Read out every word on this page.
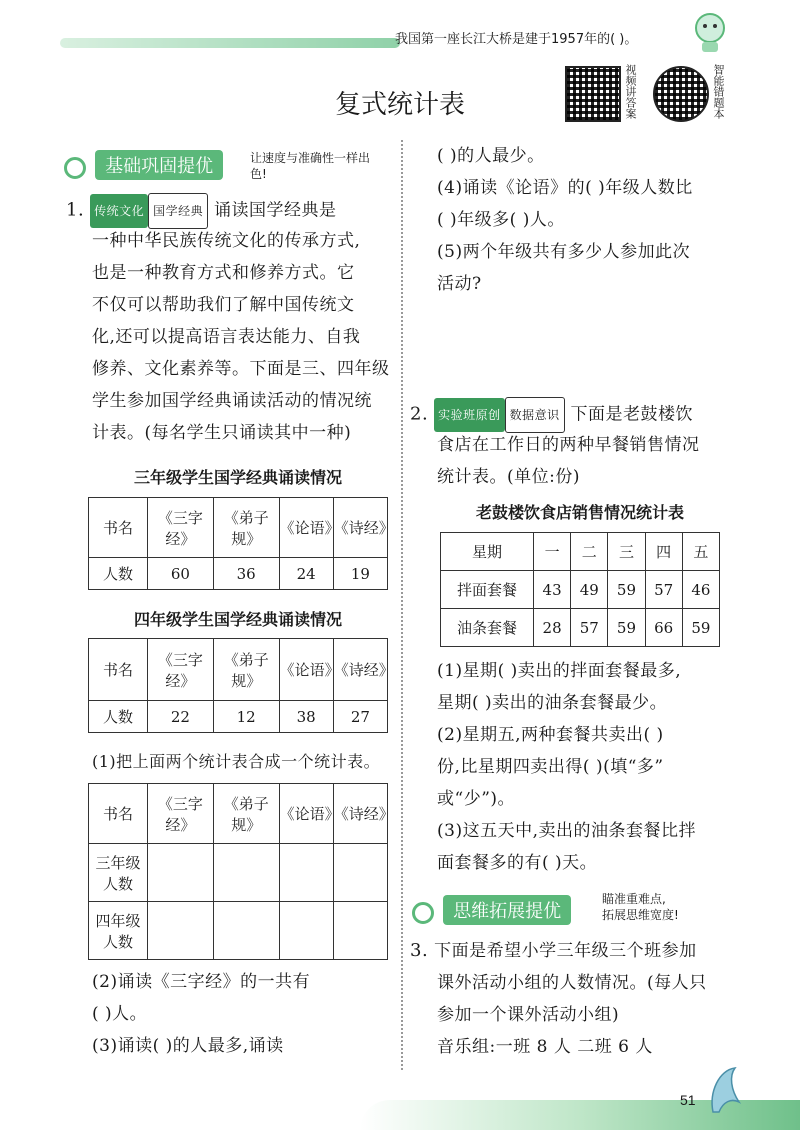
我国第一座长江大桥是建于1957年的( )。
复式统计表	视频讲答案	智能错题本
基础巩固提优	让速度与准确性一样出色!
1. 传统文化 国学经典 诵读国学经典是
一种中华民族传统文化的传承方式,
也是一种教育方式和修养方式。它
不仅可以帮助我们了解中国传统文
化,还可以提高语言表达能力、自我
修养、文化素养等。下面是三、四年级
学生参加国学经典诵读活动的情况统
计表。(每名学生只诵读其中一种)
三年级学生国学经典诵读情况
书名	《三字经》	《弟子规》	《论语》	《诗经》
人数	60	36	24	19
四年级学生国学经典诵读情况
书名	《三字经》	《弟子规》	《论语》	《诗经》
人数	22	12	38	27
(1)把上面两个统计表合成一个统计表。
书名	《三字经》	《弟子规》	《论语》	《诗经》
三年级人数				
四年级人数				
(2)诵读《三字经》的一共有
( )人。
(3)诵读( )的人最多,诵读
( )的人最少。
(4)诵读《论语》的( )年级人数比
( )年级多( )人。
(5)两个年级共有多少人参加此次
活动?
2. 实验班原创 数据意识 下面是老鼓楼饮
食店在工作日的两种早餐销售情况
统计表。(单位:份)
老鼓楼饮食店销售情况统计表
星期	一	二	三	四	五
拌面套餐	43	49	59	57	46
油条套餐	28	57	59	66	59
(1)星期( )卖出的拌面套餐最多,
星期( )卖出的油条套餐最少。
(2)星期五,两种套餐共卖出( )
份,比星期四卖出得( )(填“多”
或“少”)。
(3)这五天中,卖出的油条套餐比拌
面套餐多的有( )天。
思维拓展提优
瞄准重难点,
拓展思维宽度!
3. 下面是希望小学三年级三个班参加
课外活动小组的人数情况。(每人只
参加一个课外活动小组)
音乐组:一班 8 人 二班 6 人
51
